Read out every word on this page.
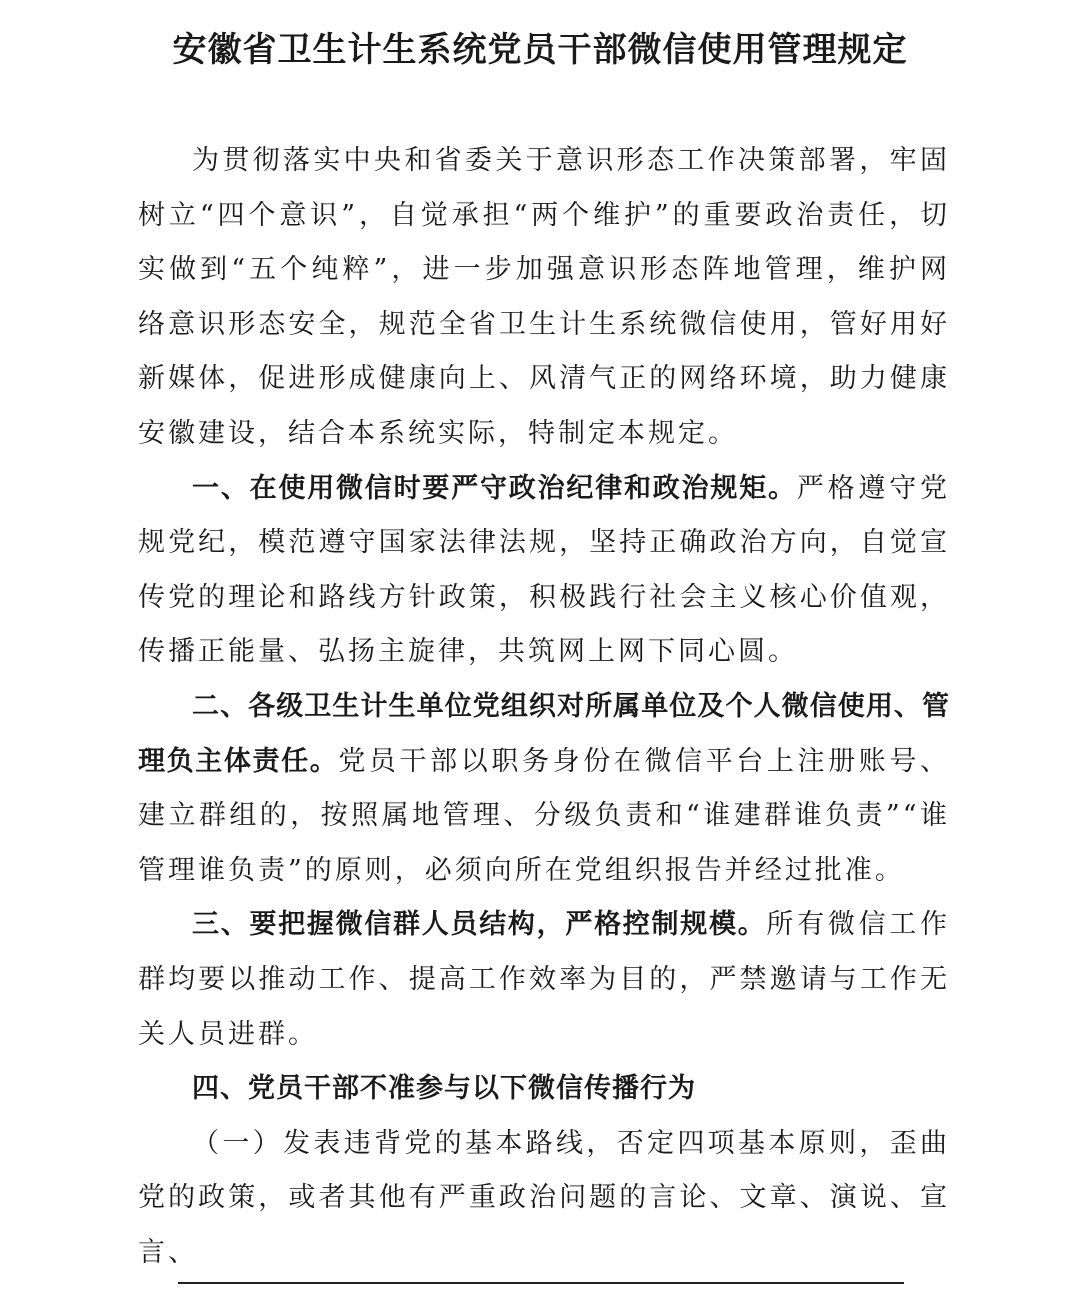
安徽省卫生计生系统党员干部微信使用管理规定

为贯彻落实中央和省委关于意识形态工作决策部署，牢固树立“四个意识”，自觉承担“两个维护”的重要政治责任，切实做到“五个纯粹”，进一步加强意识形态阵地管理，维护网络意识形态安全，规范全省卫生计生系统微信使用，管好用好新媒体，促进形成健康向上、风清气正的网络环境，助力健康安徽建设，结合本系统实际，特制定本规定。

一、在使用微信时要严守政治纪律和政治规矩。严格遵守党规党纪，模范遵守国家法律法规，坚持正确政治方向，自觉宣传党的理论和路线方针政策，积极践行社会主义核心价值观，传播正能量、弘扬主旋律，共筑网上网下同心圆。

二、各级卫生计生单位党组织对所属单位及个人微信使用、管理负主体责任。党员干部以职务身份在微信平台上注册账号、建立群组的，按照属地管理、分级负责和“谁建群谁负责”“谁管理谁负责”的原则，必须向所在党组织报告并经过批准。

三、要把握微信群人员结构，严格控制规模。所有微信工作群均要以推动工作、提高工作效率为目的，严禁邀请与工作无关人员进群。

四、党员干部不准参与以下微信传播行为

（一）发表违背党的基本路线，否定四项基本原则，歪曲党的政策，或者其他有严重政治问题的言论、文章、演说、宣言、
